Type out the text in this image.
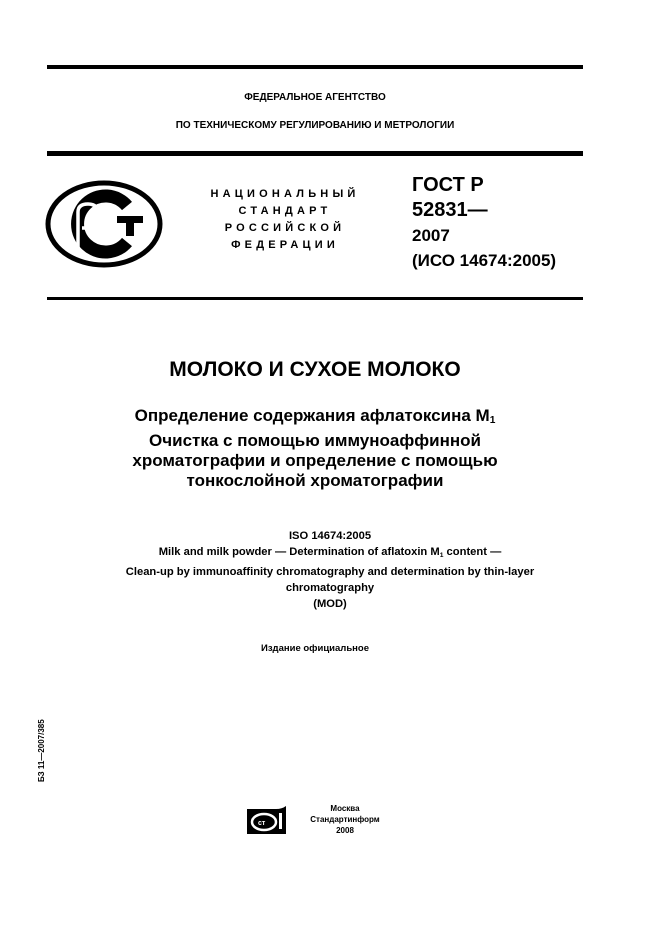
ФЕДЕРАЛЬНОЕ АГЕНТСТВО
ПО ТЕХНИЧЕСКОМУ РЕГУЛИРОВАНИЮ И МЕТРОЛОГИИ
НАЦИОНАЛЬНЫЙ
СТАНДАРТ
РОССИЙСКОЙ
ФЕДЕРАЦИИ
ГОСТ Р
52831—
2007
(ИСО 14674:2005)
МОЛОКО И СУХОЕ МОЛОКО
Определение содержания афлатоксина $М_1$
Очистка с помощью иммуноаффинной
хроматографии и определение с помощью
тонкослойной хроматографии
ISO 14674:2005
Milk and milk powder — Determination of aflatoxin $M_1$ content —
Clean-up by immunoaffinity chromatography and determination by thin-layer
chromatography
(MOD)
Издание официальное
БЗ 11—2007/385
ст
Москва
Стандартинформ
2008
